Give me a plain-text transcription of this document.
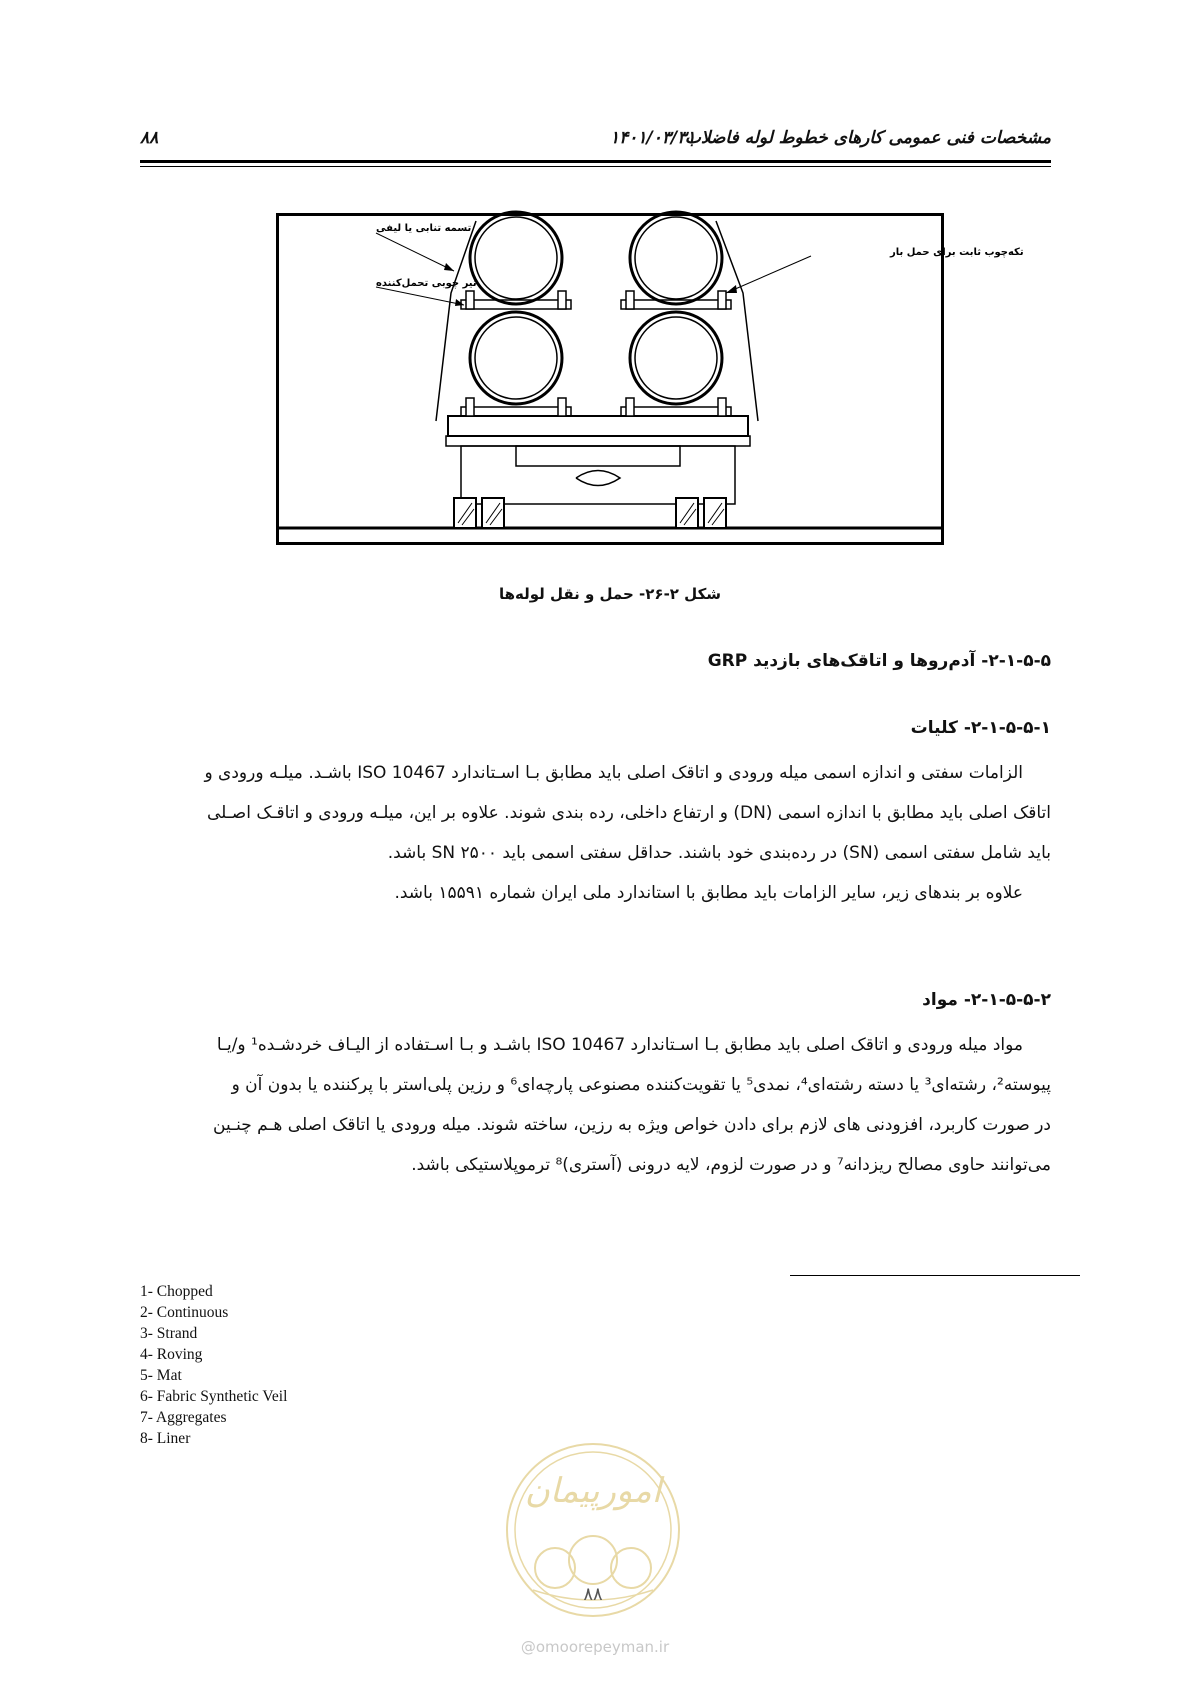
مشخصات فنی عمومی کارهای خطوط لوله فاضلاب
۱۴۰۱/۰۳/۳۱
۸۸
تسمه تنابی یا لیفی
تیر چوبی تحمل‌کننده
تکه‌چوب ثابت برای حمل بار
شکل ۲-۲۶- حمل و نقل لوله‌ها
۲-۱-۵-۵- آدم‌روها و اتاقک‌های بازدید GRP
۲-۱-۵-۵-۱- کلیات

الزامات سفتی و اندازه اسمی میله ورودی و اتاقک اصلی باید مطابق بـا اسـتاندارد ISO 10467 باشـد. میلـه ورودی و

اتاقک اصلی باید مطابق با اندازه اسمی (DN) و ارتفاع داخلی، رده بندی شوند. علاوه بر این، میلـه ورودی و اتاقـک اصـلی

باید شامل سفتی اسمی (SN) در رده‌بندی خود باشند. حداقل سفتی اسمی باید SN ۲۵۰۰ باشد.

علاوه بر بندهای زیر، سایر الزامات باید مطابق با استاندارد ملی ایران شماره ۱۵۵۹۱ باشد.

۲-۱-۵-۵-۲- مواد

مواد میله ورودی و اتاقک اصلی باید مطابق بـا اسـتاندارد ISO 10467 باشـد و بـا اسـتفاده از الیـاف خردشـده¹ و/یـا

پیوسته²، رشته‌ای³ یا دسته رشته‌ای⁴، نمدی⁵ یا تقویت‌کننده مصنوعی پارچه‌ای⁶ و رزین پلی‌استر با پرکننده یا بدون آن و

در صورت کاربرد، افزودنی های لازم برای دادن خواص ویژه به رزین، ساخته شوند. میله ورودی یا اتاقک اصلی هـم چنـین

می‌توانند حاوی مصالح ریزدانه⁷ و در صورت لزوم، لایه درونی (آستری)⁸ ترموپلاستیکی باشد.

1- Chopped
2- Continuous
3- Strand
4- Roving
5- Mat
6- Fabric Synthetic Veil
7- Aggregates
8- Liner
امورپیمان
۸۸
@omoorepeyman.ir
